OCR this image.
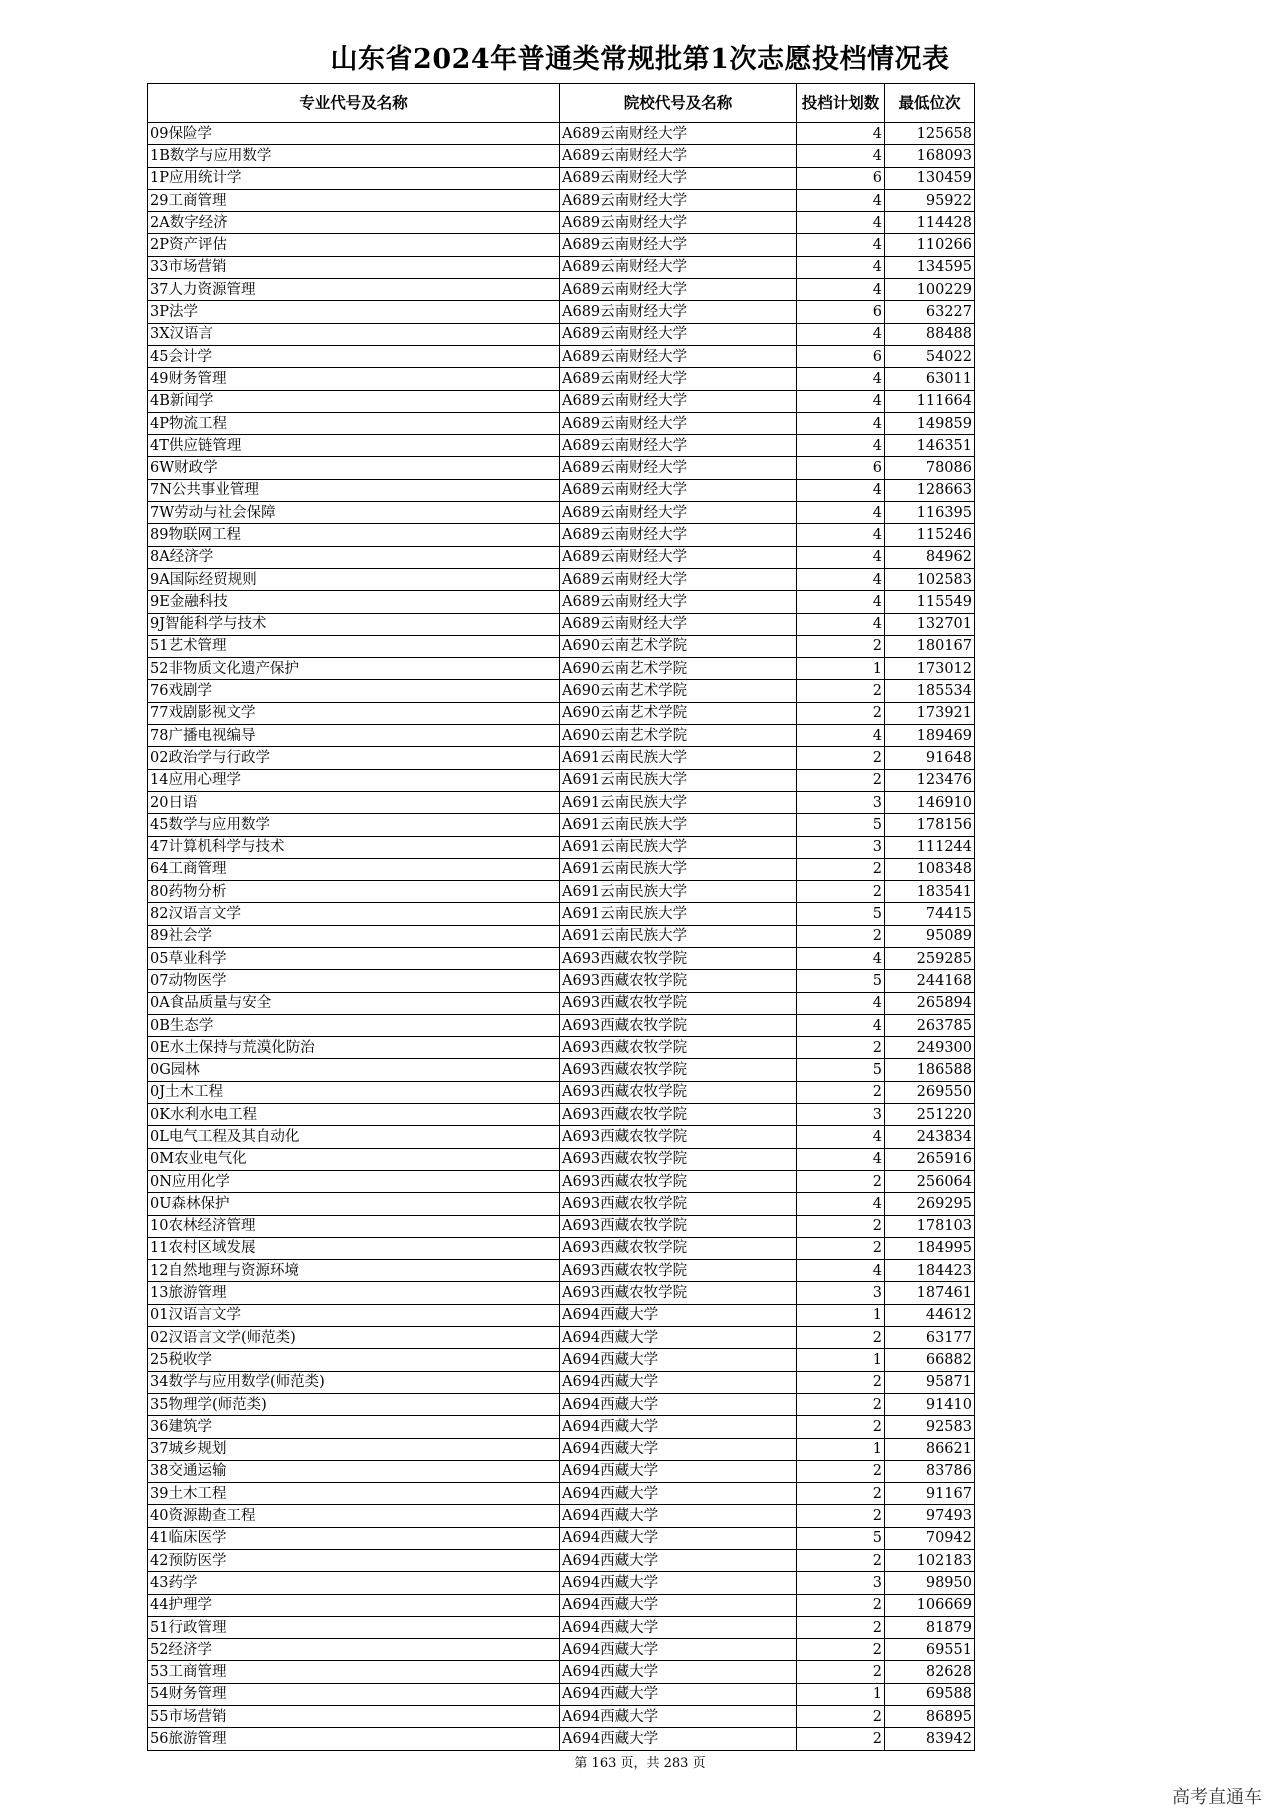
山东省2024年普通类常规批第1次志愿投档情况表
专业代号及名称	院校代号及名称	投档计划数	最低位次
09保险学	A689云南财经大学	4	125658
1B数学与应用数学	A689云南财经大学	4	168093
1P应用统计学	A689云南财经大学	6	130459
29工商管理	A689云南财经大学	4	95922
2A数字经济	A689云南财经大学	4	114428
2P资产评估	A689云南财经大学	4	110266
33市场营销	A689云南财经大学	4	134595
37人力资源管理	A689云南财经大学	4	100229
3P法学	A689云南财经大学	6	63227
3X汉语言	A689云南财经大学	4	88488
45会计学	A689云南财经大学	6	54022
49财务管理	A689云南财经大学	4	63011
4B新闻学	A689云南财经大学	4	111664
4P物流工程	A689云南财经大学	4	149859
4T供应链管理	A689云南财经大学	4	146351
6W财政学	A689云南财经大学	6	78086
7N公共事业管理	A689云南财经大学	4	128663
7W劳动与社会保障	A689云南财经大学	4	116395
89物联网工程	A689云南财经大学	4	115246
8A经济学	A689云南财经大学	4	84962
9A国际经贸规则	A689云南财经大学	4	102583
9E金融科技	A689云南财经大学	4	115549
9J智能科学与技术	A689云南财经大学	4	132701
51艺术管理	A690云南艺术学院	2	180167
52非物质文化遗产保护	A690云南艺术学院	1	173012
76戏剧学	A690云南艺术学院	2	185534
77戏剧影视文学	A690云南艺术学院	2	173921
78广播电视编导	A690云南艺术学院	4	189469
02政治学与行政学	A691云南民族大学	2	91648
14应用心理学	A691云南民族大学	2	123476
20日语	A691云南民族大学	3	146910
45数学与应用数学	A691云南民族大学	5	178156
47计算机科学与技术	A691云南民族大学	3	111244
64工商管理	A691云南民族大学	2	108348
80药物分析	A691云南民族大学	2	183541
82汉语言文学	A691云南民族大学	5	74415
89社会学	A691云南民族大学	2	95089
05草业科学	A693西藏农牧学院	4	259285
07动物医学	A693西藏农牧学院	5	244168
0A食品质量与安全	A693西藏农牧学院	4	265894
0B生态学	A693西藏农牧学院	4	263785
0E水土保持与荒漠化防治	A693西藏农牧学院	2	249300
0G园林	A693西藏农牧学院	5	186588
0J土木工程	A693西藏农牧学院	2	269550
0K水利水电工程	A693西藏农牧学院	3	251220
0L电气工程及其自动化	A693西藏农牧学院	4	243834
0M农业电气化	A693西藏农牧学院	4	265916
0N应用化学	A693西藏农牧学院	2	256064
0U森林保护	A693西藏农牧学院	4	269295
10农林经济管理	A693西藏农牧学院	2	178103
11农村区域发展	A693西藏农牧学院	2	184995
12自然地理与资源环境	A693西藏农牧学院	4	184423
13旅游管理	A693西藏农牧学院	3	187461
01汉语言文学	A694西藏大学	1	44612
02汉语言文学(师范类)	A694西藏大学	2	63177
25税收学	A694西藏大学	1	66882
34数学与应用数学(师范类)	A694西藏大学	2	95871
35物理学(师范类)	A694西藏大学	2	91410
36建筑学	A694西藏大学	2	92583
37城乡规划	A694西藏大学	1	86621
38交通运输	A694西藏大学	2	83786
39土木工程	A694西藏大学	2	91167
40资源勘查工程	A694西藏大学	2	97493
41临床医学	A694西藏大学	5	70942
42预防医学	A694西藏大学	2	102183
43药学	A694西藏大学	3	98950
44护理学	A694西藏大学	2	106669
51行政管理	A694西藏大学	2	81879
52经济学	A694西藏大学	2	69551
53工商管理	A694西藏大学	2	82628
54财务管理	A694西藏大学	1	69588
55市场营销	A694西藏大学	2	86895
56旅游管理	A694西藏大学	2	83942
第 163 页，共 283 页
高考直通车
